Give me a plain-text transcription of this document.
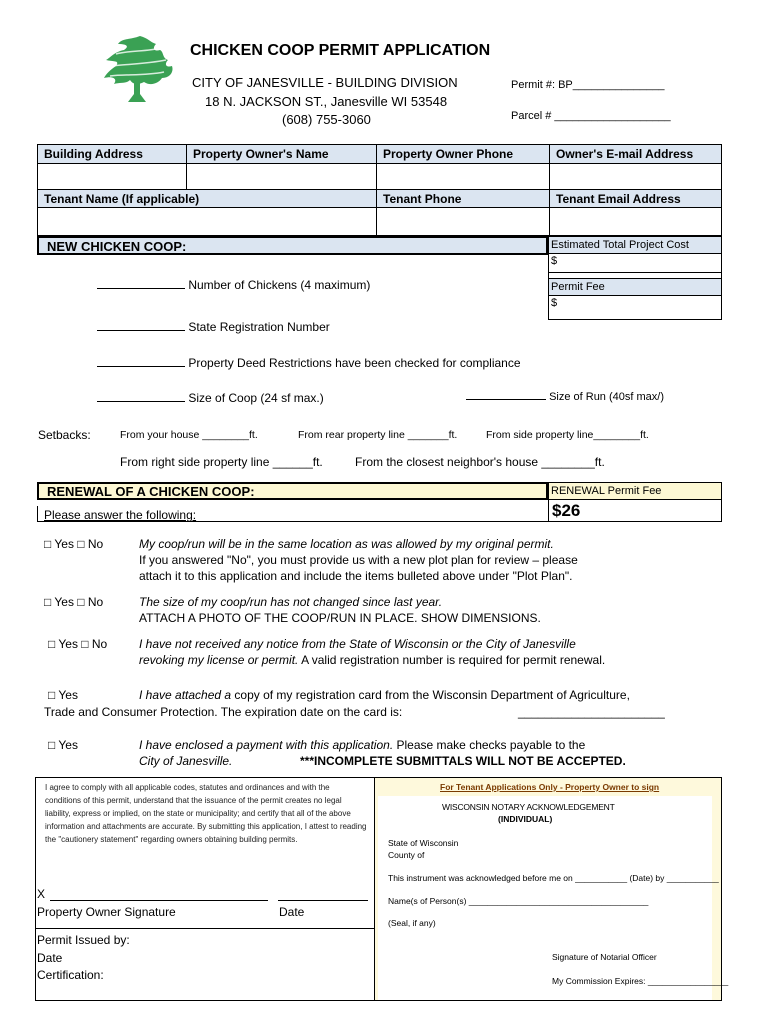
CHICKEN COOP PERMIT APPLICATION
CITY OF JANESVILLE - BUILDING DIVISION
18 N. JACKSON ST., Janesville WI 53548
(608) 755-3060
Permit #: BP_______________
Parcel # ___________________
Building Address	Property Owner's Name	Property Owner Phone	Owner's E-mail Address
Tenant Name (If applicable)	Tenant Phone	Tenant Email Address
NEW CHICKEN COOP:	Estimated Total Project Cost
$
Permit Fee
$
Number of Chickens (4 maximum)
State Registration Number
Property Deed Restrictions have been checked for compliance
Size of Coop (24 sf max.)	Size of Run (40sf max/)
Setbacks:	From your house ________ft.	From rear property line _______ft.	From side property line________ft.
From right side property line ______ft.	From the closest neighbor's house ________ft.
RENEWAL OF A CHICKEN COOP:	RENEWAL Permit Fee
$26
Please answer the following:
□ Yes □ No	My coop/run will be in the same location as was allowed by my original permit.
If you answered "No", you must provide us with a new plot plan for review – please
attach it to this application and include the items bulleted above under "Plot Plan".
□ Yes □ No	The size of my coop/run has not changed since last year.
ATTACH A PHOTO OF THE COOP/RUN IN PLACE. SHOW DIMENSIONS.
□ Yes □ No	I have not received any notice from the State of Wisconsin or the City of Janesville
revoking my license or permit. A valid registration number is required for permit renewal.
□ Yes	I have attached a copy of my registration card from the Wisconsin Department of Agriculture,
Trade and Consumer Protection. The expiration date on the card is:	______________________
□ Yes	I have enclosed a payment with this application. Please make checks payable to the
City of Janesville.	***INCOMPLETE SUBMITTALS WILL NOT BE ACCEPTED.
I agree to comply with all applicable codes, statutes and ordinances and with the conditions of this permit, understand that the issuance of the permit creates no legal liability, express or implied, on the state or municipality; and certify that all of the above information and attachments are accurate. By submitting this application, I attest to reading the "cautionery statement" regarding owners obtaining building permits.
X
Property Owner Signature	Date
Permit Issued by:
Date
Certification:
For Tenant Applications Only - Property Owner to sign
WISCONSIN NOTARY ACKNOWLEDGEMENT
(INDIVIDUAL)
State of Wisconsin
County of
This instrument was acknowledged before me on ___________ (Date) by ___________
Name(s of Person(s) ______________________________________
(Seal, if any)
Signature of Notarial Officer
My Commission Expires: _________________
